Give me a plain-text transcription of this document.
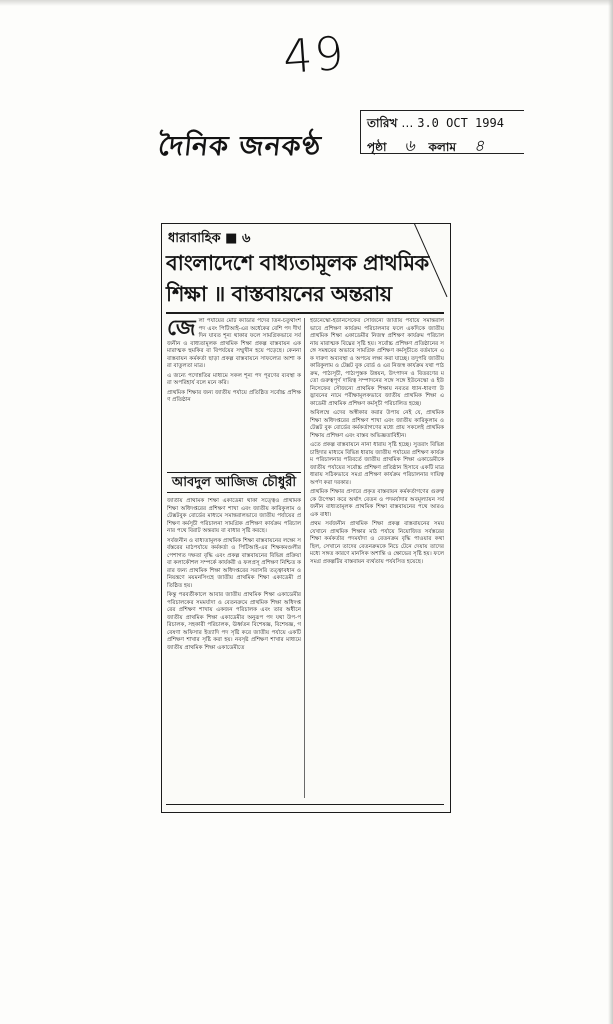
49
দৈনিক জনকণ্ঠ
তারিখ … 3.0 OCT 1994
পৃষ্ঠা ৬ কলাম ৪
ধারাবাহিক ■ ৬
বাংলাদেশে বাধ্যতামূলক প্রাথমিক শিক্ষা ॥ বাস্তবায়নের অন্তরায়

জেলা পর্যায়ের মোট ক্যাডার পদের তিন-চতুর্থাংশ পদ এবং পিটিআই-এর অর্ধেকের বেশি পদ দীর্ঘদিন যাবত শূন্য থাকার ফলে সামগ্রিকভাবে সর্বজনীন ও বাধ্যতামূলক প্রাথমিক শিক্ষা প্রকল্প বাস্তবায়ন এক মারাত্মক হুমকির বা বিপর্যয়ের সম্মুখীন হয়ে পড়েছে। কেননা বাস্তবায়ন কর্মকর্তা ছাড়া প্রকল্প বাস্তবায়নে সাফল্যের আশা করা বাতুলতা মাত্র।

এ জন্যে পদোন্নতির মাধ্যমে সকল শূন্য পদ পূরণের ব্যবস্থা করা অপরিহার্য বলে মনে করি।

প্রাথমিক শিক্ষার জন্য জাতীয় পর্যায়ে প্রতিষ্ঠিত সর্বোচ্চ প্রশিক্ষণ প্রতিষ্ঠান

আবদুল আজিজ চৌধুরী

জাতীয় প্রাথমিক শিক্ষা একাডেমী থাকা সত্ত্বেও প্রাথমিক শিক্ষা অধিদপ্তরের প্রশিক্ষণ শাখা এবং জাতীয় কারিকুলাম ও টেক্সটবুক বোর্ডের মাধ্যমে সমান্তরালভাবে জাতীয় পর্যায়ের প্রশিক্ষণ কর্মসূচী পরিচালনা সামগ্রিক প্রশিক্ষণ কার্যক্রম পরিচালনার পথে বিরাট অন্তরায় বা বাধার সৃষ্টি করছে।

সর্বজনীন ও বাধ্যতামূলক প্রাথমিক শিক্ষা বাস্তবায়নের লক্ষ্যে সর্বস্তরের মাঠপর্যায়ে কর্মকর্তা ও পিটিআই-এর শিক্ষকমণ্ডলীর পেশাগত দক্ষতা বৃদ্ধি এবং প্রকল্প বাস্তবায়নের বিভিন্ন প্রক্রিয়া বা কলাকৌশল সম্পর্কে কার্যকরী ও ফলপ্রসূ প্রশিক্ষণ নিশ্চিত করার জন্য প্রাথমিক শিক্ষা অধিদপ্তরের সরাসরি তত্ত্বাবধান ও নিয়ন্ত্রণে ময়মনসিংহে জাতীয় প্রাথমিক শিক্ষা একাডেমী প্রতিষ্ঠিত হয়।

কিন্তু পরবর্তীকালে আবার জাতীয় প্রাথমিক শিক্ষা একাডেমীর পরিচালকের সমমর্যাদা ও বেতনক্রমে প্রাথমিক শিক্ষা অধিদপ্তরের প্রশিক্ষণ শাখায় একজন পরিচালক এবং তার অধীনে জাতীয় প্রাথমিক শিক্ষা একাডেমীর অনুরূপ পদ যথা উপ-পরিচালক, সহকারী পরিচালক, ঊর্ধ্বতন বিশেষজ্ঞ, বিশেষজ্ঞ, গবেষণা অফিসার ইত্যাদি পদ সৃষ্টি করে জাতীয় পর্যায়ে একটি প্রশিক্ষণ শাখার সৃষ্টি করা হয়। নবসৃষ্ট প্রশিক্ষণ শাখার মাধ্যমে জাতীয় প্রাথমিক শিক্ষা একাডেমীতে

ইউনেস্কো-ইউনিসেফের সৌজন্যে জাতীয় পর্যায়ে সমান্তরালভাবে প্রশিক্ষণ কার্যক্রম পরিচালনার ফলে একদিকে জাতীয় প্রাথমিক শিক্ষা একাডেমীর নিজস্ব প্রশিক্ষণ কার্যক্রম পরিচালনায় মারাত্মক বিঘ্নের সৃষ্টি হয়। সর্বোচ্চ প্রশিক্ষণ প্রতিষ্ঠানের সঙ্গে সমন্বয়ের অভাবে সামগ্রিক প্রশিক্ষণ কর্মসূচীতে বর্তমানে এক দারুণ অব্যবস্থা ও অপচয় লক্ষ্য করা যাচ্ছে। তদুপরি জাতীয় কারিকুলাম ও টেক্সট বুক বোর্ড ও এর নিজস্ব কার্যক্রম যথা পাঠক্রম, পাঠ্যসূচী, পাঠ্যপুস্তক উন্নয়ন, উৎপাদন ও বিতরণের মতো গুরুত্বপূর্ণ দায়িত্ব সম্পাদনের সঙ্গে সঙ্গে ইউনেস্কো ও ইউনিসেফের সৌজন্যে প্রাথমিক শিক্ষায় নবতর ধ্যান-ধারণা উদ্ভাবনের নামে পরীক্ষামূলকভাবে জাতীয় প্রাথমিক শিক্ষা একাডেমী প্রাথমিক প্রশিক্ষণ কর্মসূচী পরিচালিত হচ্ছে।

অবিলম্বে এদের অস্বীকার করার উপায় নেই যে, প্রাথমিক শিক্ষা অধিদপ্তরের প্রশিক্ষণ শাখা এবং জাতীয় কারিকুলাম ও টেক্সট বুক বোর্ডের কর্মকর্তাগণের মধ্যে প্রায় সকলেই প্রাথমিক শিক্ষায় প্রশিক্ষণ এবং বাস্তব অভিজ্ঞতাবিহীন।

এতে প্রকল্প বাস্তবায়নে নানা ধারায় সৃষ্টি হচ্ছে। সুতরাং বিভিন্ন চাহিদার মাধ্যমে বিভিন্ন ধারায় জাতীয় পর্যায়ের প্রশিক্ষণ কার্যক্রম পরিচালনার পরিবর্তে জাতীয় প্রাথমিক শিক্ষা একাডেমীকে জাতীয় পর্যায়ের সর্বোচ্চ প্রশিক্ষণ প্রতিষ্ঠান হিসাবে একটি মাত্র ধারায় সঠিকভাবে সমগ্র প্রশিক্ষণ কার্যক্রম পরিচালনার দায়িত্ব অর্পণ করা দরকার।

প্রাথমিক শিক্ষার প্রসারে প্রকৃত বাস্তবায়ন কর্মকর্তাগণের গুরুত্বকে উপেক্ষা করে অর্থাৎ বেতন ও পদমর্যাদার অবমূল্যায়ন সর্বজনীন বাধ্যতামূলক প্রাথমিক শিক্ষা বাস্তবায়নের পথে আরও এক বাধা।

প্রথম সর্বজনীন প্রাথমিক শিক্ষা প্রকল্প বাস্তবায়নের সময় যেখানে প্রাথমিক শিক্ষার মাঠ পর্যায়ে নিয়োজিত সর্বস্তরের শিক্ষা কর্মকর্তার পদমর্যাদা ও বেতনক্রম বৃদ্ধি পাওয়ার কথা ছিল, সেখানে তাদের বেতনক্রমকে নিচে টেনে দেয়ায় তাদের মধ্যে সঙ্গত কারণে মানসিক অশান্তি ও ক্ষোভের সৃষ্টি হয়। ফলে সমগ্র প্রকল্পটির বাস্তবায়ন ব্যর্থতায় পর্যবসিত হয়েছে।
